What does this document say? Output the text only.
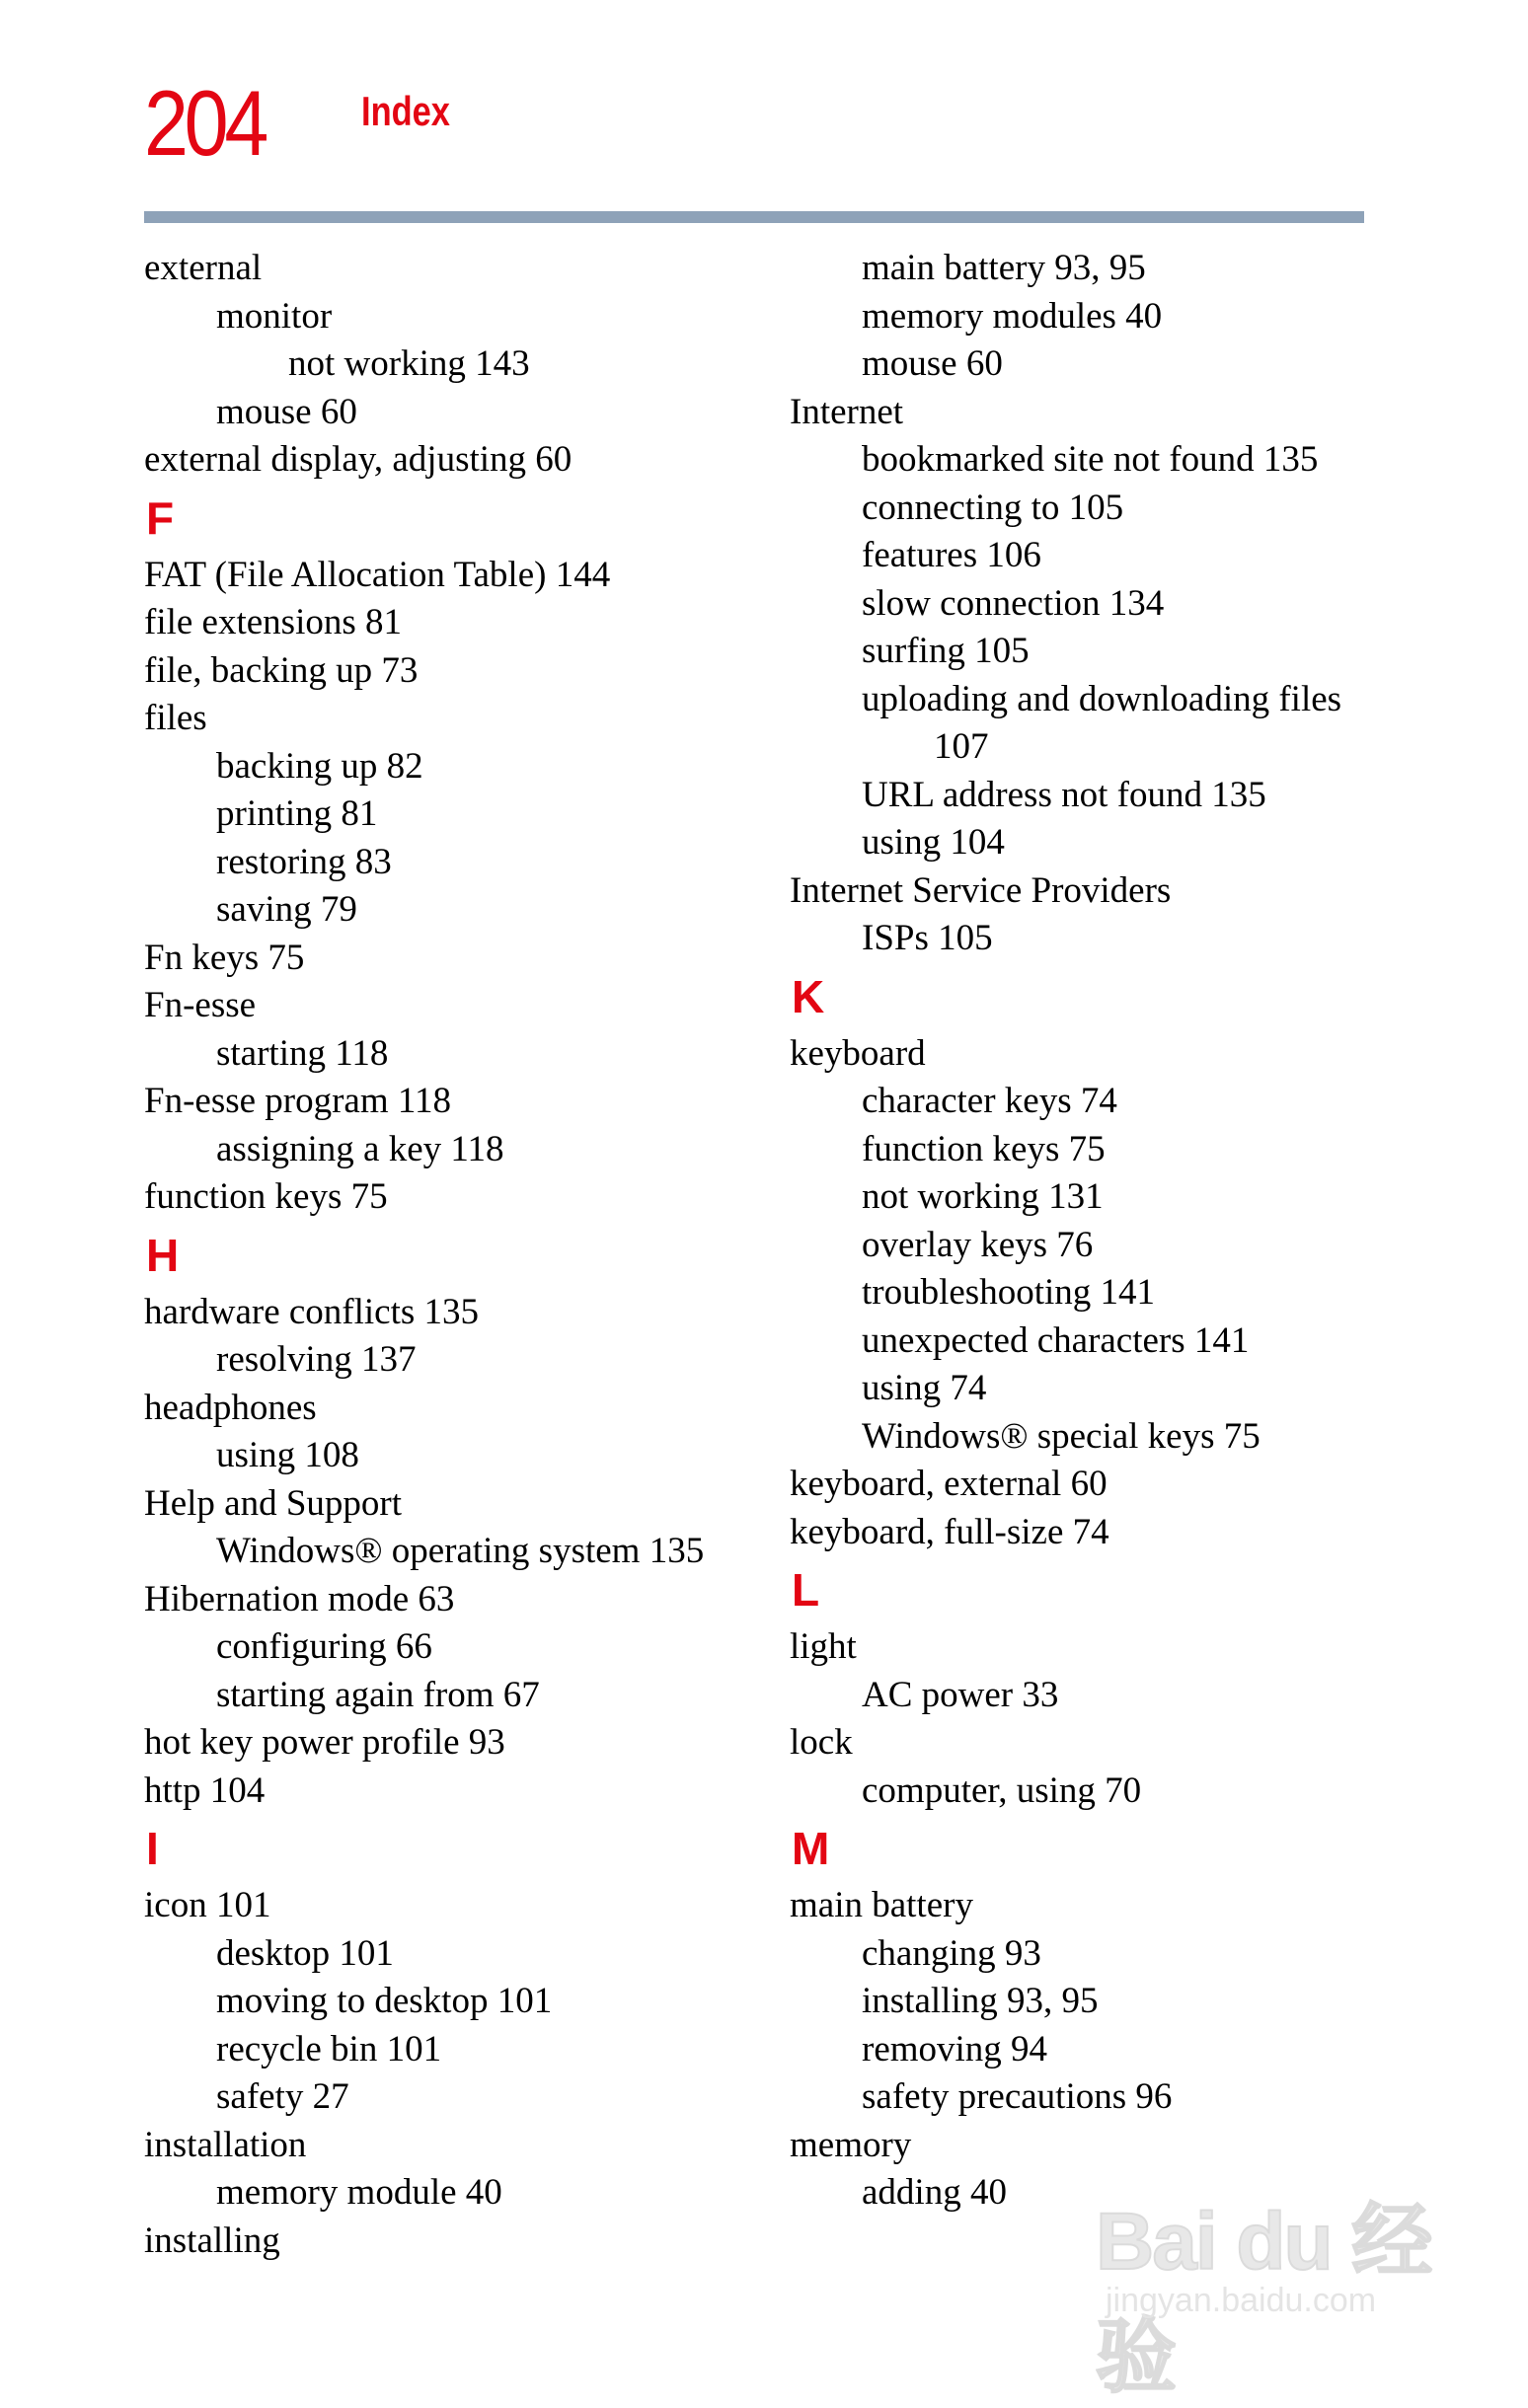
204 Index
external
monitor
not working 143
mouse 60
external display, adjusting 60
F
FAT (File Allocation Table) 144
file extensions 81
file, backing up 73
files
backing up 82
printing 81
restoring 83
saving 79
Fn keys 75
Fn-esse
starting 118
Fn-esse program 118
assigning a key 118
function keys 75
H
hardware conflicts 135
resolving 137
headphones
using 108
Help and Support
Windows® operating system 135
Hibernation mode 63
configuring 66
starting again from 67
hot key power profile 93
http 104
I
icon 101
desktop 101
moving to desktop 101
recycle bin 101
safety 27
installation
memory module 40
installing
main battery 93, 95
memory modules 40
mouse 60
Internet
bookmarked site not found 135
connecting to 105
features 106
slow connection 134
surfing 105
uploading and downloading files
107
URL address not found 135
using 104
Internet Service Providers
ISPs 105
K
keyboard
character keys 74
function keys 75
not working 131
overlay keys 76
troubleshooting 141
unexpected characters 141
using 74
Windows® special keys 75
keyboard, external 60
keyboard, full-size 74
L
light
AC power 33
lock
computer, using 70
M
main battery
changing 93
installing 93, 95
removing 94
safety precautions 96
memory
adding 40
Bai du 经验
jingyan.baidu.com
